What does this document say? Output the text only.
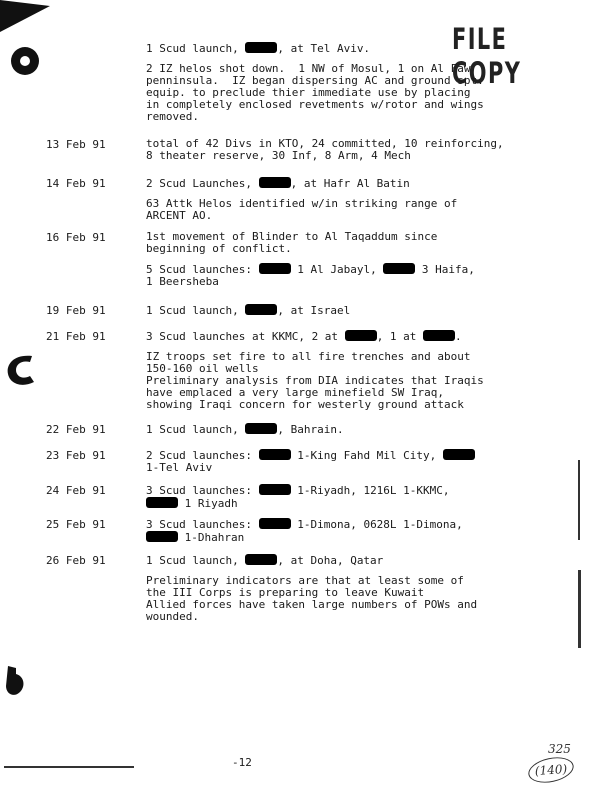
FILE COPY
1 Scud launch,	, at Tel Aviv.
2 IZ helos shot down.  1 NW of Mosul, 1 on Al Faw
penninsula.  IZ began dispersing AC and ground spt.
equip. to preclude thier immediate use by placing
in completely enclosed revetments w/rotor and wings
removed.
13 Feb 91	total of 42 Divs in KTO, 24 committed, 10 reinforcing,
8 theater reserve, 30 Inf, 8 Arm, 4 Mech
14 Feb 91	2 Scud Launches,	, at Hafr Al Batin
63 Attk Helos identified w/in striking range of
ARCENT AO.
16 Feb 91	1st movement of Blinder to Al Taqaddum since
beginning of conflict.
5 Scud launches:	1 Al Jabayl,	3 Haifa,
1 Beersheba
19 Feb 91	1 Scud launch,	, at Israel
21 Feb 91	3 Scud launches at KKMC, 2 at	, 1 at	.
IZ troops set fire to all fire trenches and about
150-160 oil wells
Preliminary analysis from DIA indicates that Iraqis
have emplaced a very large minefield SW Iraq,
showing Iraqi concern for westerly ground attack
22 Feb 91	1 Scud launch,	, Bahrain.
23 Feb 91	2 Scud launches:	1-King Fahd Mil City,
1-Tel Aviv
24 Feb 91	3 Scud launches:	1-Riyadh, 1216L 1-KKMC,
1 Riyadh
25 Feb 91	3 Scud launches:	1-Dimona, 0628L 1-Dimona,
1-Dhahran
26 Feb 91	1 Scud launch,	, at Doha, Qatar
Preliminary indicators are that at least some of
the III Corps is preparing to leave Kuwait
Allied forces have taken large numbers of POWs and
wounded.
-12
325
(140)
